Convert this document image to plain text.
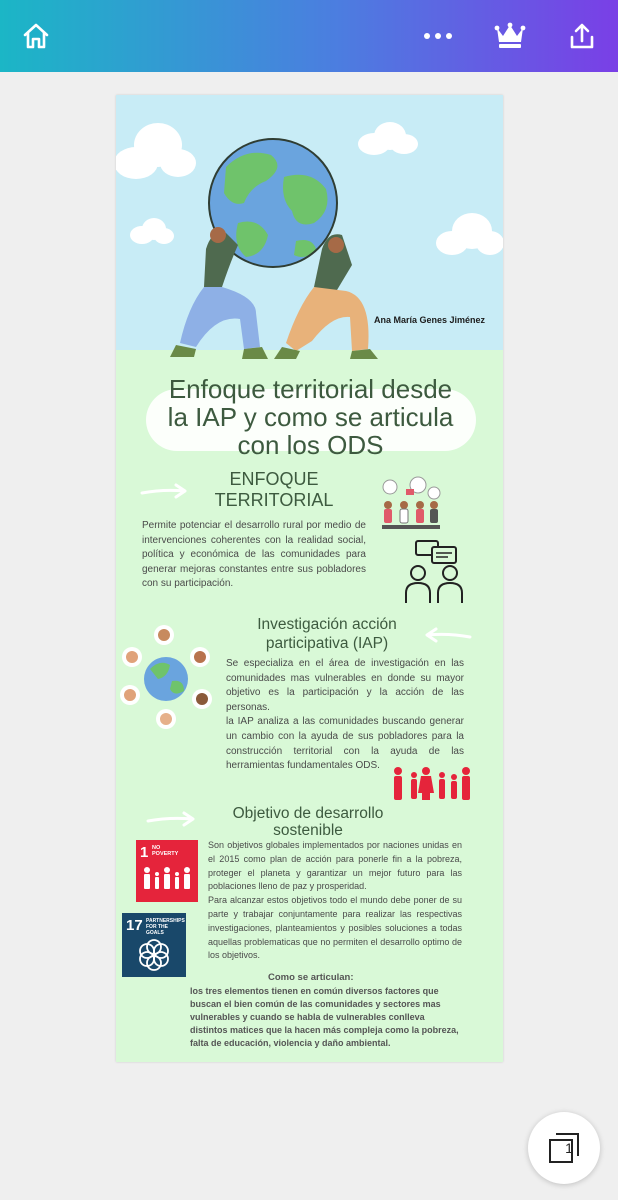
Ana María Genes Jiménez
Enfoque territorial desde
la IAP y como se articula
con los ODS
ENFOQUE
TERRITORIAL
Permite potenciar el desarrollo rural por medio de intervenciones coherentes con la realidad social, política y económica de las comunidades para generar mejoras constantes entre sus pobladores con su participación.
Investigación acción
participativa (IAP)

Se especializa en el área de investigación en las comunidades mas vulnerables en donde su mayor objetivo es la participación y la acción de las personas.

la IAP analiza a las comunidades buscando generar un cambio con la ayuda de sus pobladores para la construcción territorial con la ayuda de las herramientas fundamentales ODS.

Objetivo de desarrollo
sostenible
1 NO
POVERTY
17 PARTNERSHIPS
FOR THE GOALS

Son objetivos globales implementados por naciones unidas en el 2015 como plan de acción para ponerle fin a la pobreza, proteger el planeta y garantizar un mejor futuro para las poblaciones lleno de paz y prosperidad.

Para alcanzar estos objetivos todo el mundo debe poner de su parte y trabajar conjuntamente para realizar las respectivas investigaciones, planteamientos y posibles soluciones a todas aquellas problematicas que no permiten el desarrollo optimo de los objetivos.

Como se articulan:
los tres elementos tienen en común diversos factores que buscan el bien común de las comunidades y sectores mas vulnerables y cuando se habla de vulnerables conlleva distintos matices que la hacen más compleja como la pobreza, falta de educación, violencia y daño ambiental.
1
